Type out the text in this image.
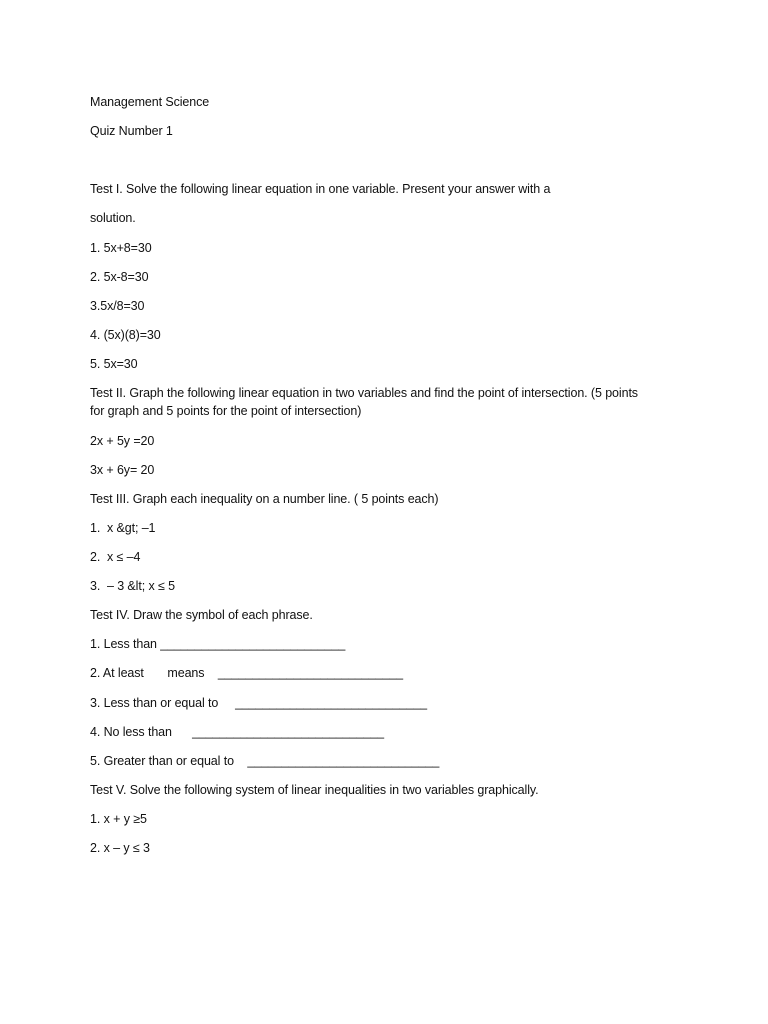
Management Science
Quiz Number 1
Test I. Solve the following linear equation in one variable. Present your answer with a
solution.
1. 5x+8=30
2. 5x-8=30
3.5x/8=30
4. (5x)(8)=30
5. 5x=30
Test II. Graph the following linear equation in two variables and find the point of intersection. (5 points
for graph and 5 points for the point of intersection)
2x + 5y =20
3x + 6y= 20
Test III. Graph each inequality on a number line. ( 5 points each)
1.  x &gt; –1
2.  x ≤ –4
3.  – 3 &lt; x ≤ 5
Test IV. Draw the symbol of each phrase.
1. Less than ___________________________
2. At least       means    ___________________________
3. Less than or equal to     ____________________________
4. No less than      ____________________________
5. Greater than or equal to    ____________________________
Test V. Solve the following system of linear inequalities in two variables graphically.
1. x + y ≥5
2. x – y ≤ 3
